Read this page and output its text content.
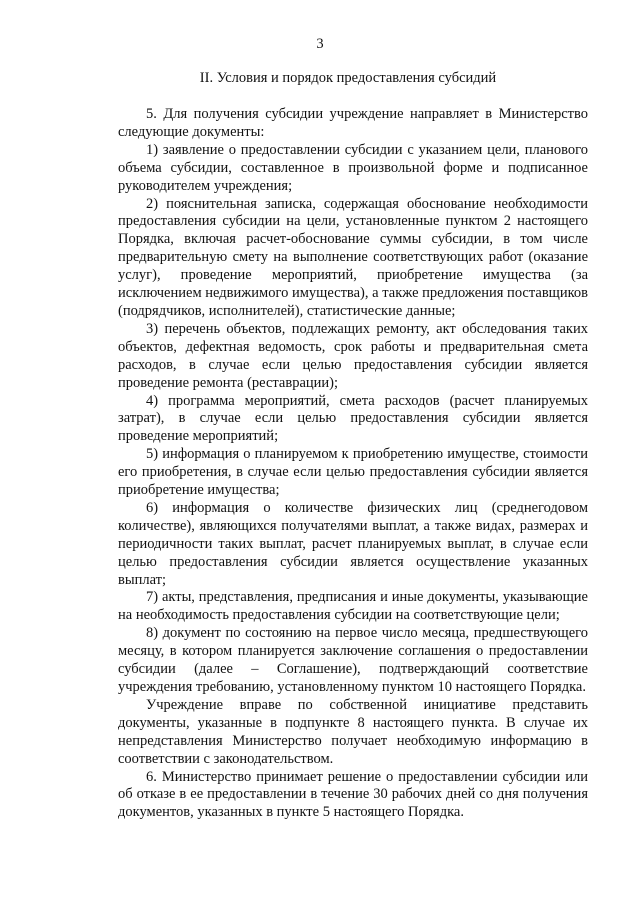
3
II. Условия и порядок предоставления субсидий

5. Для получения субсидии учреждение направляет в Министерство следующие документы:

1) заявление о предоставлении субсидии с указанием цели, планового объема субсидии, составленное в произвольной форме и подписанное руководителем учреждения;

2) пояснительная записка, содержащая обоснование необходимости предоставления субсидии на цели, установленные пунктом 2 настоящего Порядка, включая расчет-обоснование суммы субсидии, в том числе предварительную смету на выполнение соответствующих работ (оказание услуг), проведение мероприятий, приобретение имущества (за исключением недвижимого имущества), а также предложения поставщиков (подрядчиков, исполнителей), статистические данные;

3) перечень объектов, подлежащих ремонту, акт обследования таких объектов, дефектная ведомость, срок работы и предварительная смета расходов, в случае если целью предоставления субсидии является проведение ремонта (реставрации);

4) программа мероприятий, смета расходов (расчет планируемых затрат), в случае если целью предоставления субсидии является проведение мероприятий;

5) информация о планируемом к приобретению имуществе, стоимости его приобретения, в случае если целью предоставления субсидии является приобретение имущества;

6) информация о количестве физических лиц (среднегодовом количестве), являющихся получателями выплат, а также видах, размерах и периодичности таких выплат, расчет планируемых выплат, в случае если целью предоставления субсидии является осуществление указанных выплат;

7) акты, представления, предписания и иные документы, указывающие на необходимость предоставления субсидии на соответствующие цели;

8) документ по состоянию на первое число месяца, предшествующего месяцу, в котором планируется заключение соглашения о предоставлении субсидии (далее – Соглашение), подтверждающий соответствие учреждения требованию, установленному пунктом 10 настоящего Порядка.

Учреждение вправе по собственной инициативе представить документы, указанные в подпункте 8 настоящего пункта. В случае их непредставления Министерство получает необходимую информацию в соответствии с законодательством.

6. Министерство принимает решение о предоставлении субсидии или об отказе в ее предоставлении в течение 30 рабочих дней со дня получения документов, указанных в пункте 5 настоящего Порядка.
